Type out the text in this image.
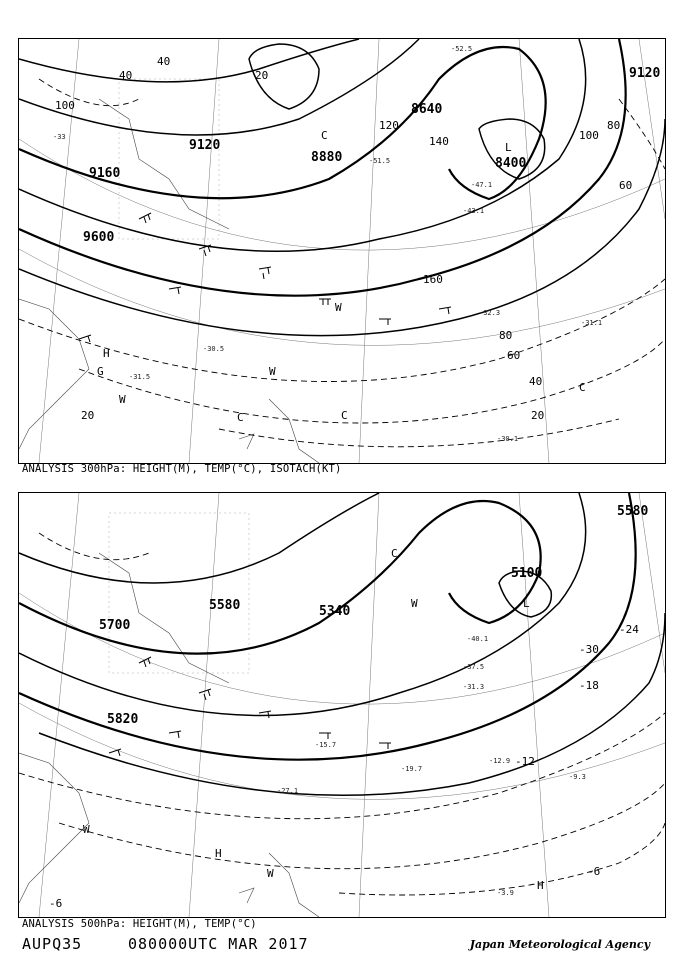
9120
9120
9160
9600
8640
8880	8400
20
40
60
80
100
120
140
160
40
60
80
100
40
20
20
H
L
C
C	C
C
W
W
W
G
-30.1
-31.1
-30.5
-31.5
-32.3
-33
-43.1
-47.1
-51.5
-52.5
ANALYSIS 300hPa: HEIGHT(M), TEMP(°C), ISOTACH(KT)
5580
5700
5820
5580
5340
5100
-6
-12
-18
-24
-30
-6
H
H
L
C
W
W
W
-3.9
-9.3
-12.9
-15.7
-19.7
-27.1
-31.3
-37.5
-40.1
ANALYSIS 500hPa: HEIGHT(M), TEMP(°C)
AUPQ35	080000UTC MAR 2017	Japan Meteorological Agency
